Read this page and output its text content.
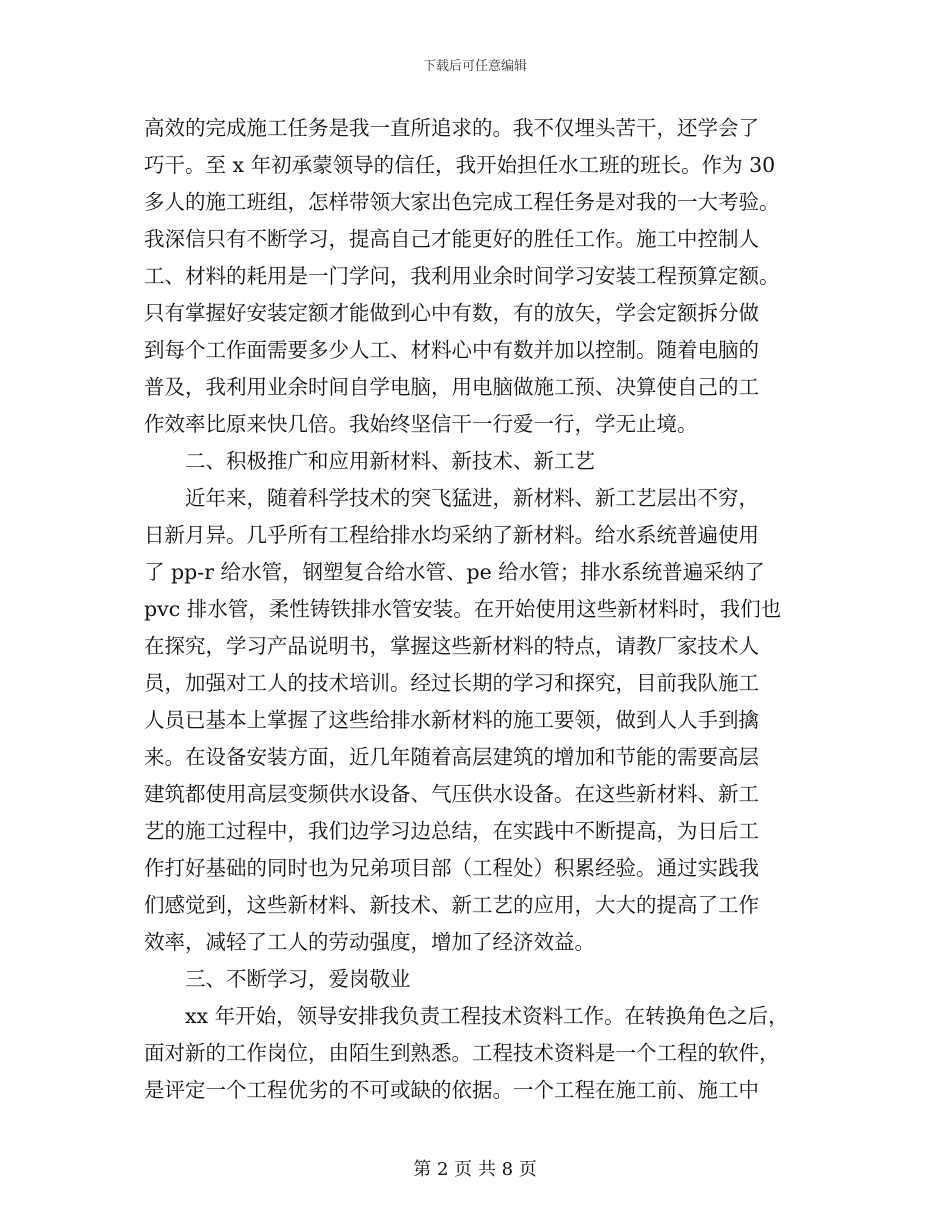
下载后可任意编辑
高效的完成施工任务是我一直所追求的。我不仅埋头苦干，还学会了
巧干。至 x 年初承蒙领导的信任，我开始担任水工班的班长。作为 30
多人的施工班组，怎样带领大家出色完成工程任务是对我的一大考验。
我深信只有不断学习，提高自己才能更好的胜任工作。施工中控制人
工、材料的耗用是一门学问，我利用业余时间学习安装工程预算定额。
只有掌握好安装定额才能做到心中有数，有的放矢，学会定额拆分做
到每个工作面需要多少人工、材料心中有数并加以控制。随着电脑的
普及，我利用业余时间自学电脑，用电脑做施工预、决算使自己的工
作效率比原来快几倍。我始终坚信干一行爱一行，学无止境。
二、积极推广和应用新材料、新技术、新工艺
近年来，随着科学技术的突飞猛进，新材料、新工艺层出不穷，
日新月异。几乎所有工程给排水均采纳了新材料。给水系统普遍使用
了 pp-r 给水管，钢塑复合给水管、pe 给水管；排水系统普遍采纳了
pvc 排水管，柔性铸铁排水管安装。在开始使用这些新材料时，我们也
在探究，学习产品说明书，掌握这些新材料的特点，请教厂家技术人
员，加强对工人的技术培训。经过长期的学习和探究，目前我队施工
人员已基本上掌握了这些给排水新材料的施工要领，做到人人手到擒
来。在设备安装方面，近几年随着高层建筑的增加和节能的需要高层
建筑都使用高层变频供水设备、气压供水设备。在这些新材料、新工
艺的施工过程中，我们边学习边总结，在实践中不断提高，为日后工
作打好基础的同时也为兄弟项目部（工程处）积累经验。通过实践我
们感觉到，这些新材料、新技术、新工艺的应用，大大的提高了工作
效率，减轻了工人的劳动强度，增加了经济效益。
三、不断学习，爱岗敬业
xx 年开始，领导安排我负责工程技术资料工作。在转换角色之后，
面对新的工作岗位，由陌生到熟悉。工程技术资料是一个工程的软件，
是评定一个工程优劣的不可或缺的依据。一个工程在施工前、施工中
第 2 页 共 8 页
